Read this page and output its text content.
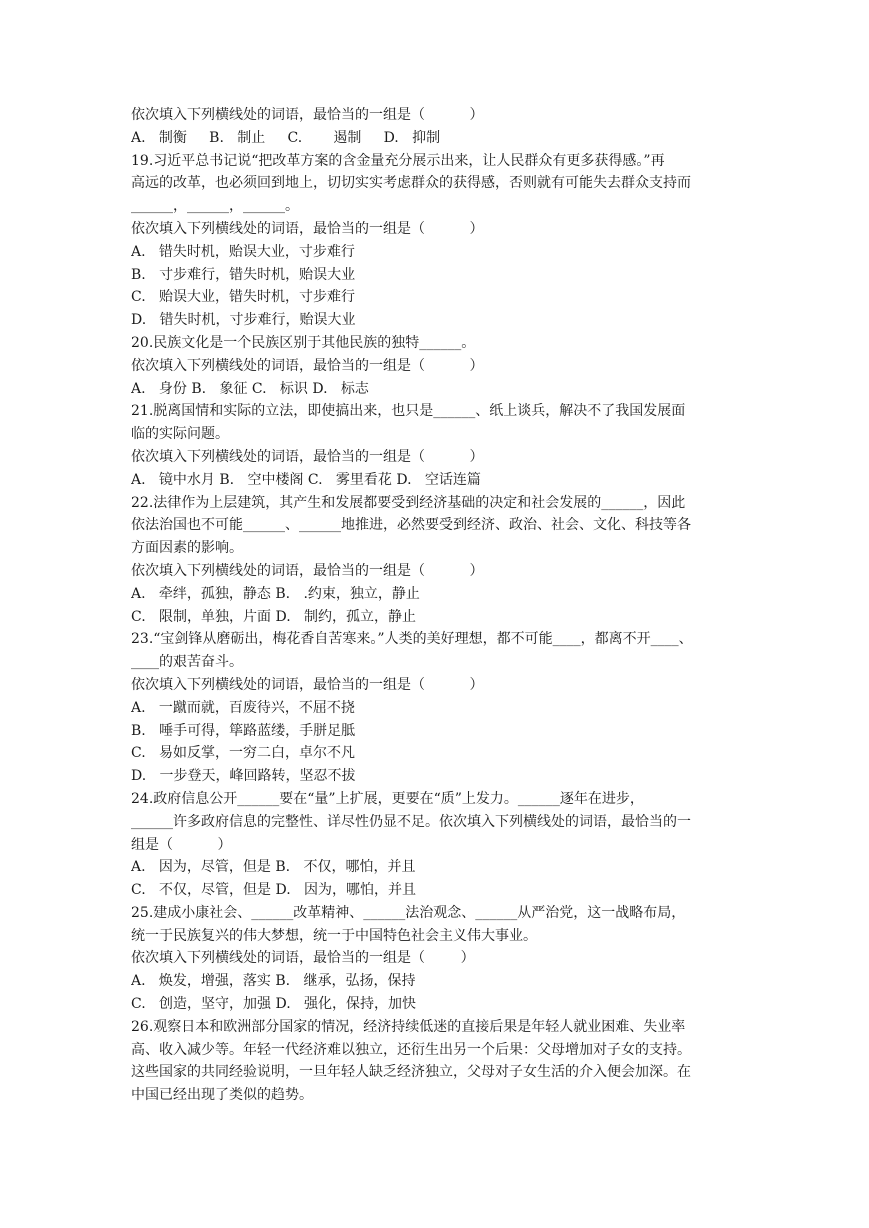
依次填入下列横线处的词语，最恰当的一组是（          ）
A.   制衡     B.   制止     C.       遏制     D.   抑制
19.习近平总书记说“把改革方案的含金量充分展示出来，让人民群众有更多获得感。”再
高远的改革，也必须回到地上，切切实实考虑群众的获得感，否则就有可能失去群众支持而
______，______，______。
依次填入下列横线处的词语，最恰当的一组是（          ）
A.   错失时机，贻误大业，寸步难行
B.   寸步难行，错失时机，贻误大业
C.   贻误大业，错失时机，寸步难行
D.   错失时机，寸步难行，贻误大业
20.民族文化是一个民族区别于其他民族的独特______。
依次填入下列横线处的词语，最恰当的一组是（          ）
A.   身份 B.   象征 C.   标识 D.   标志
21.脱离国情和实际的立法，即使搞出来，也只是______、纸上谈兵，解决不了我国发展面
临的实际问题。
依次填入下列横线处的词语，最恰当的一组是（          ）
A.   镜中水月 B.   空中楼阁 C.   雾里看花 D.   空话连篇
22.法律作为上层建筑，其产生和发展都要受到经济基础的决定和社会发展的______，因此
依法治国也不可能______、______地推进，必然要受到经济、政治、社会、文化、科技等各
方面因素的影响。
依次填入下列横线处的词语，最恰当的一组是（          ）
A.   牵绊，孤独，静态 B.   .约束，独立，静止
C.   限制，单独，片面 D.   制约，孤立，静止
23.“宝剑锋从磨砺出，梅花香自苦寒来。”人类的美好理想，都不可能____，都离不开____、
____的艰苦奋斗。
依次填入下列横线处的词语，最恰当的一组是（          ）
A.   一蹴而就，百废待兴，不屈不挠
B.   唾手可得，筚路蓝缕，手胼足胝
C.   易如反掌，一穷二白，卓尔不凡
D.   一步登天，峰回路转，坚忍不拔
24.政府信息公开______要在“量”上扩展，更要在“质”上发力。______逐年在进步，
______许多政府信息的完整性、详尽性仍显不足。依次填入下列横线处的词语，最恰当的一
组是（          ）
A.   因为，尽管，但是 B.   不仅，哪怕，并且
C.   不仅，尽管，但是 D.   因为，哪怕，并且
25.建成小康社会、______改革精神、______法治观念、______从严治党，这一战略布局，
统一于民族复兴的伟大梦想，统一于中国特色社会主义伟大事业。
依次填入下列横线处的词语，最恰当的一组是（        ）
A.   焕发，增强，落实 B.   继承，弘扬，保持
C.   创造，坚守，加强 D.   强化，保持，加快
26.观察日本和欧洲部分国家的情况，经济持续低迷的直接后果是年轻人就业困难、失业率
高、收入减少等。年轻一代经济难以独立，还衍生出另一个后果：父母增加对子女的支持。
这些国家的共同经验说明，一旦年轻人缺乏经济独立，父母对子女生活的介入便会加深。在
中国已经出现了类似的趋势。
